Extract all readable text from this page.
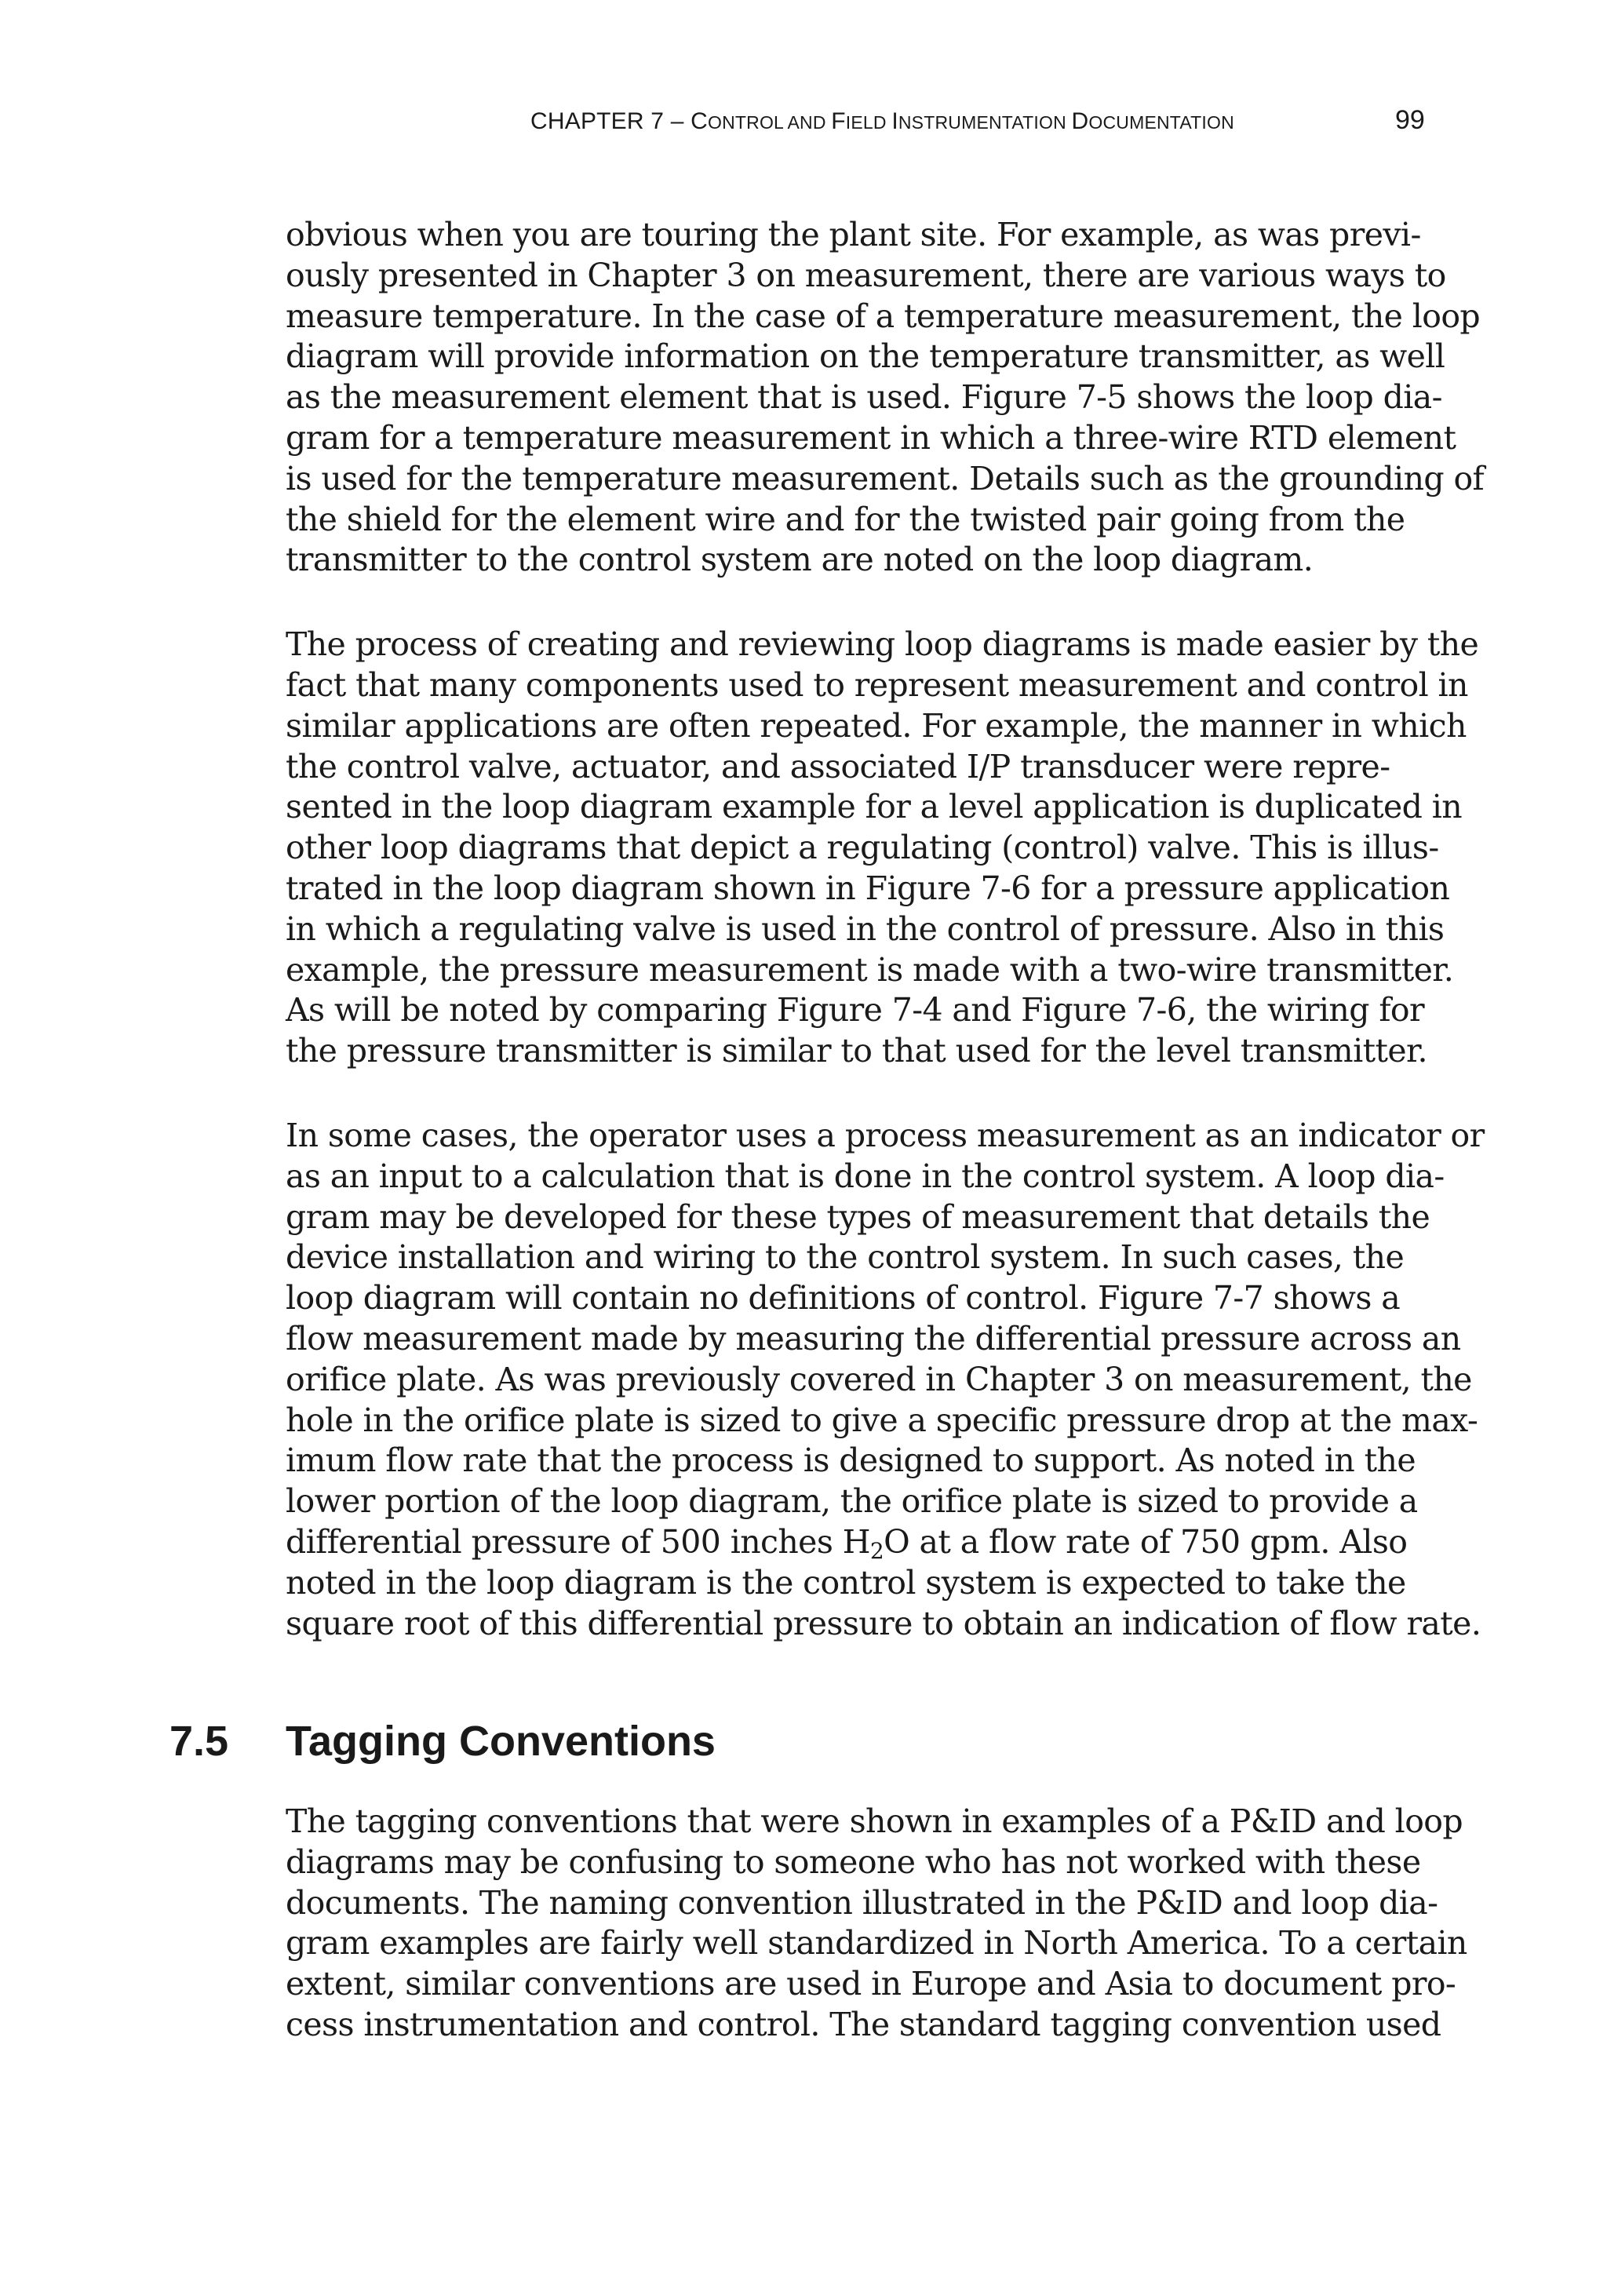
CHAPTER 7 – CONTROL AND FIELD INSTRUMENTATION DOCUMENTATION	99
obvious when you are touring the plant site. For example, as was previ-
ously presented in Chapter 3 on measurement, there are various ways to
measure temperature. In the case of a temperature measurement, the loop
diagram will provide information on the temperature transmitter, as well
as the measurement element that is used. Figure 7-5 shows the loop dia-
gram for a temperature measurement in which a three-wire RTD element
is used for the temperature measurement. Details such as the grounding of
the shield for the element wire and for the twisted pair going from the
transmitter to the control system are noted on the loop diagram.
The process of creating and reviewing loop diagrams is made easier by the
fact that many components used to represent measurement and control in
similar applications are often repeated. For example, the manner in which
the control valve, actuator, and associated I/P transducer were repre-
sented in the loop diagram example for a level application is duplicated in
other loop diagrams that depict a regulating (control) valve. This is illus-
trated in the loop diagram shown in Figure 7-6 for a pressure application
in which a regulating valve is used in the control of pressure. Also in this
example, the pressure measurement is made with a two-wire transmitter.
As will be noted by comparing Figure 7-4 and Figure 7-6, the wiring for
the pressure transmitter is similar to that used for the level transmitter.
In some cases, the operator uses a process measurement as an indicator or
as an input to a calculation that is done in the control system. A loop dia-
gram may be developed for these types of measurement that details the
device installation and wiring to the control system. In such cases, the
loop diagram will contain no definitions of control. Figure 7-7 shows a
flow measurement made by measuring the differential pressure across an
orifice plate. As was previously covered in Chapter 3 on measurement, the
hole in the orifice plate is sized to give a specific pressure drop at the max-
imum flow rate that the process is designed to support. As noted in the
lower portion of the loop diagram, the orifice plate is sized to provide a
differential pressure of 500 inches $H_2O$ at a flow rate of 750 gpm. Also
noted in the loop diagram is the control system is expected to take the
square root of this differential pressure to obtain an indication of flow rate.
7.5 Tagging Conventions
The tagging conventions that were shown in examples of a P&ID and loop
diagrams may be confusing to someone who has not worked with these
documents. The naming convention illustrated in the P&ID and loop dia-
gram examples are fairly well standardized in North America. To a certain
extent, similar conventions are used in Europe and Asia to document pro-
cess instrumentation and control. The standard tagging convention used
